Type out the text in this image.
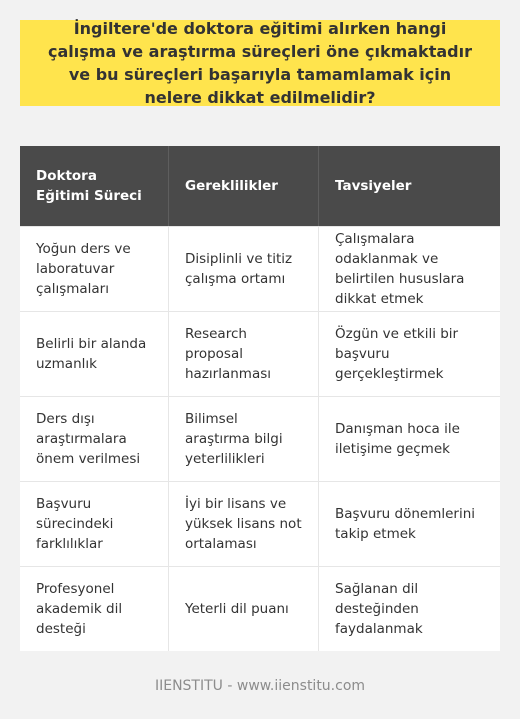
İngiltere'de doktora eğitimi alırken hangi çalışma ve araştırma süreçleri öne çıkmaktadır ve bu süreçleri başarıyla tamamlamak için nelere dikkat edilmelidir?
Doktora Eğitimi Süreci
Gereklilikler	Tavsiyeler
Yoğun ders ve laboratuvar çalışmaları
Disiplinli ve titiz çalışma ortamı
Çalışmalara odaklanmak ve belirtilen hususlara dikkat etmek
Belirli bir alanda uzmanlık
Research proposal hazırlanması
Özgün ve etkili bir başvuru gerçekleştirmek
Ders dışı araştırmalara önem verilmesi
Bilimsel araştırma bilgi yeterlilikleri
Danışman hoca ile iletişime geçmek
Başvuru sürecindeki farklılıklar
İyi bir lisans ve yüksek lisans not ortalaması
Başvuru dönemlerini takip etmek
Profesyonel akademik dil desteği
Yeterli dil puanı
Sağlanan dil desteğinden faydalanmak
IIENSTITU - www.iienstitu.com
